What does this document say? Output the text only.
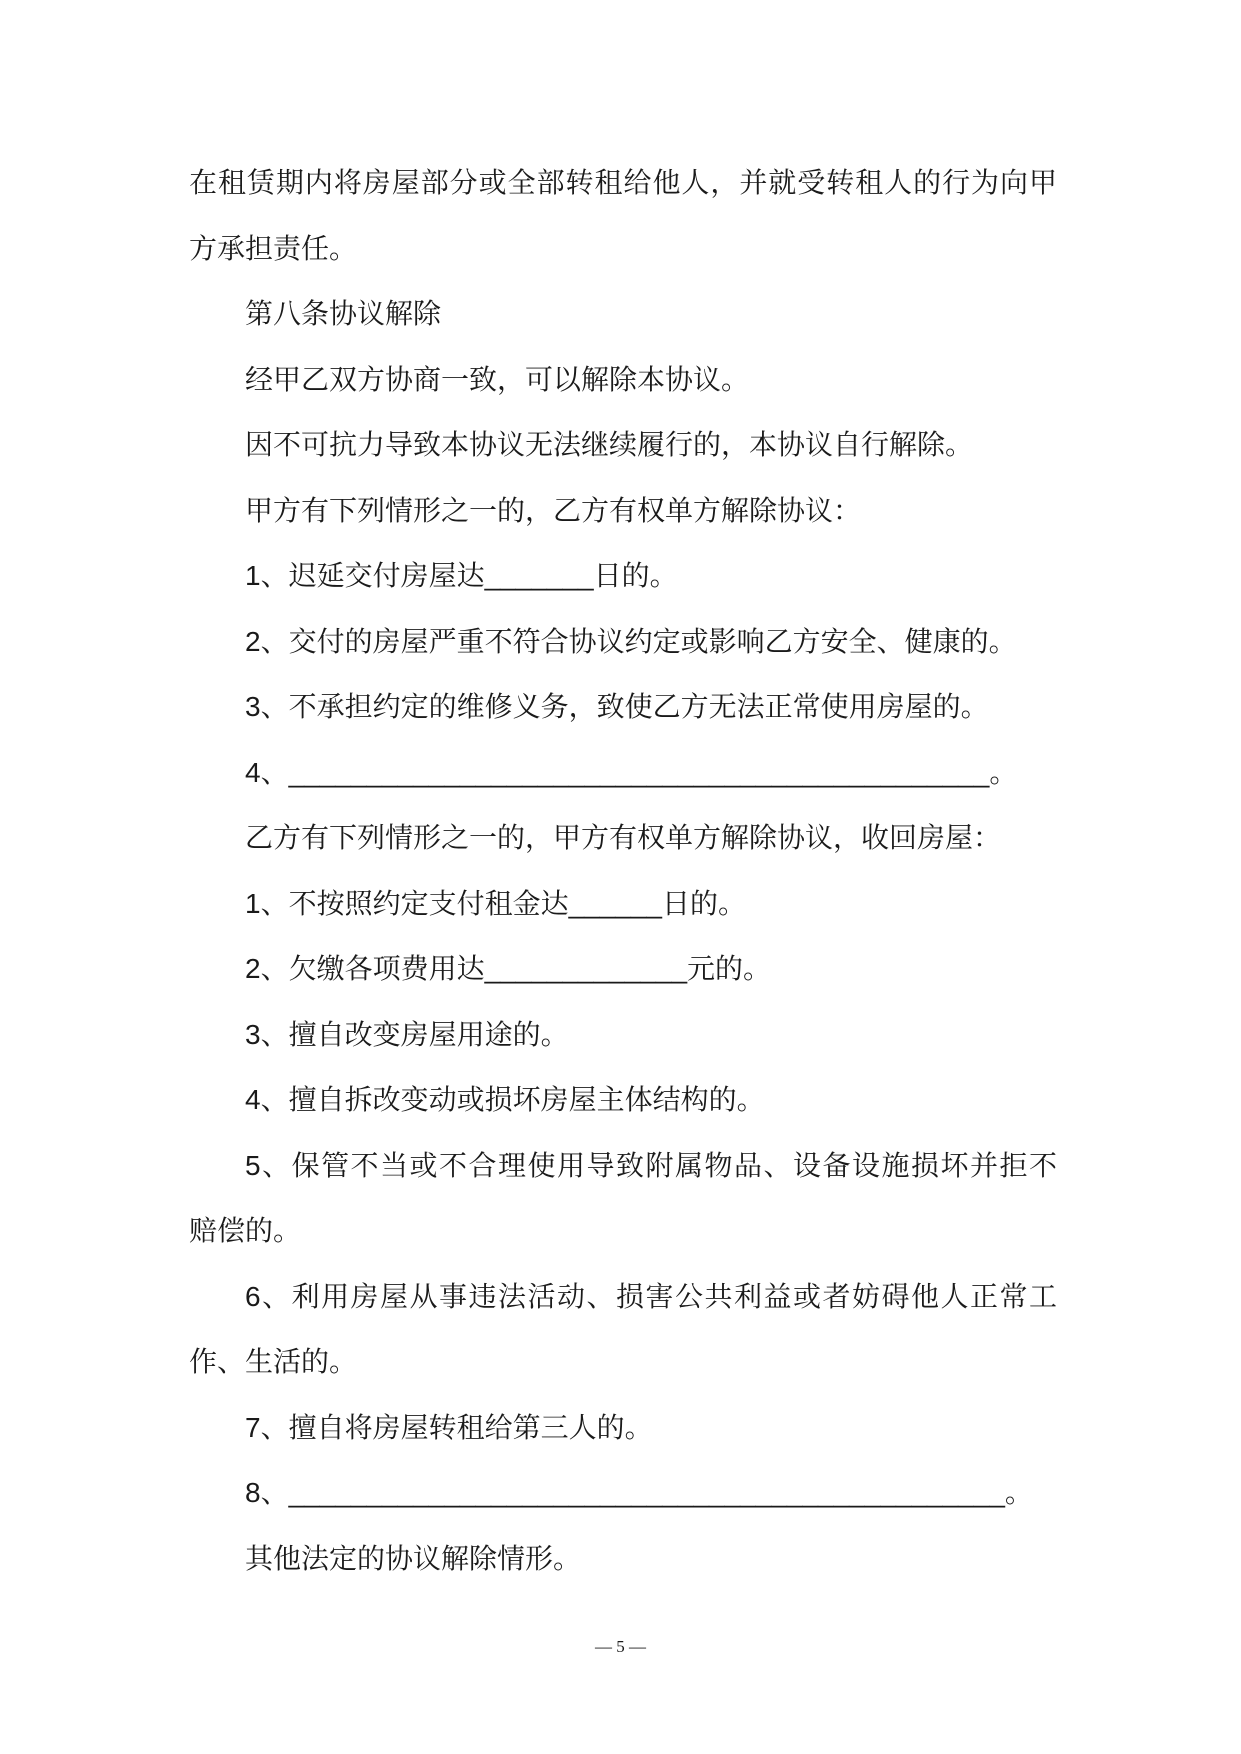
在租赁期内将房屋部分或全部转租给他人，并就受转租人的行为向甲
方承担责任。
第八条协议解除
经甲乙双方协商一致，可以解除本协议。
因不可抗力导致本协议无法继续履行的，本协议自行解除。
甲方有下列情形之一的，乙方有权单方解除协议：
1、迟延交付房屋达_______日的。
2、交付的房屋严重不符合协议约定或影响乙方安全、健康的。
3、不承担约定的维修义务，致使乙方无法正常使用房屋的。
4、_____________________________________________。
乙方有下列情形之一的，甲方有权单方解除协议，收回房屋：
1、不按照约定支付租金达______日的。
2、欠缴各项费用达_____________元的。
3、擅自改变房屋用途的。
4、擅自拆改变动或损坏房屋主体结构的。
5、保管不当或不合理使用导致附属物品、设备设施损坏并拒不
赔偿的。
6、利用房屋从事违法活动、损害公共利益或者妨碍他人正常工
作、生活的。
7、擅自将房屋转租给第三人的。
8、______________________________________________。
其他法定的协议解除情形。
— 5 —
